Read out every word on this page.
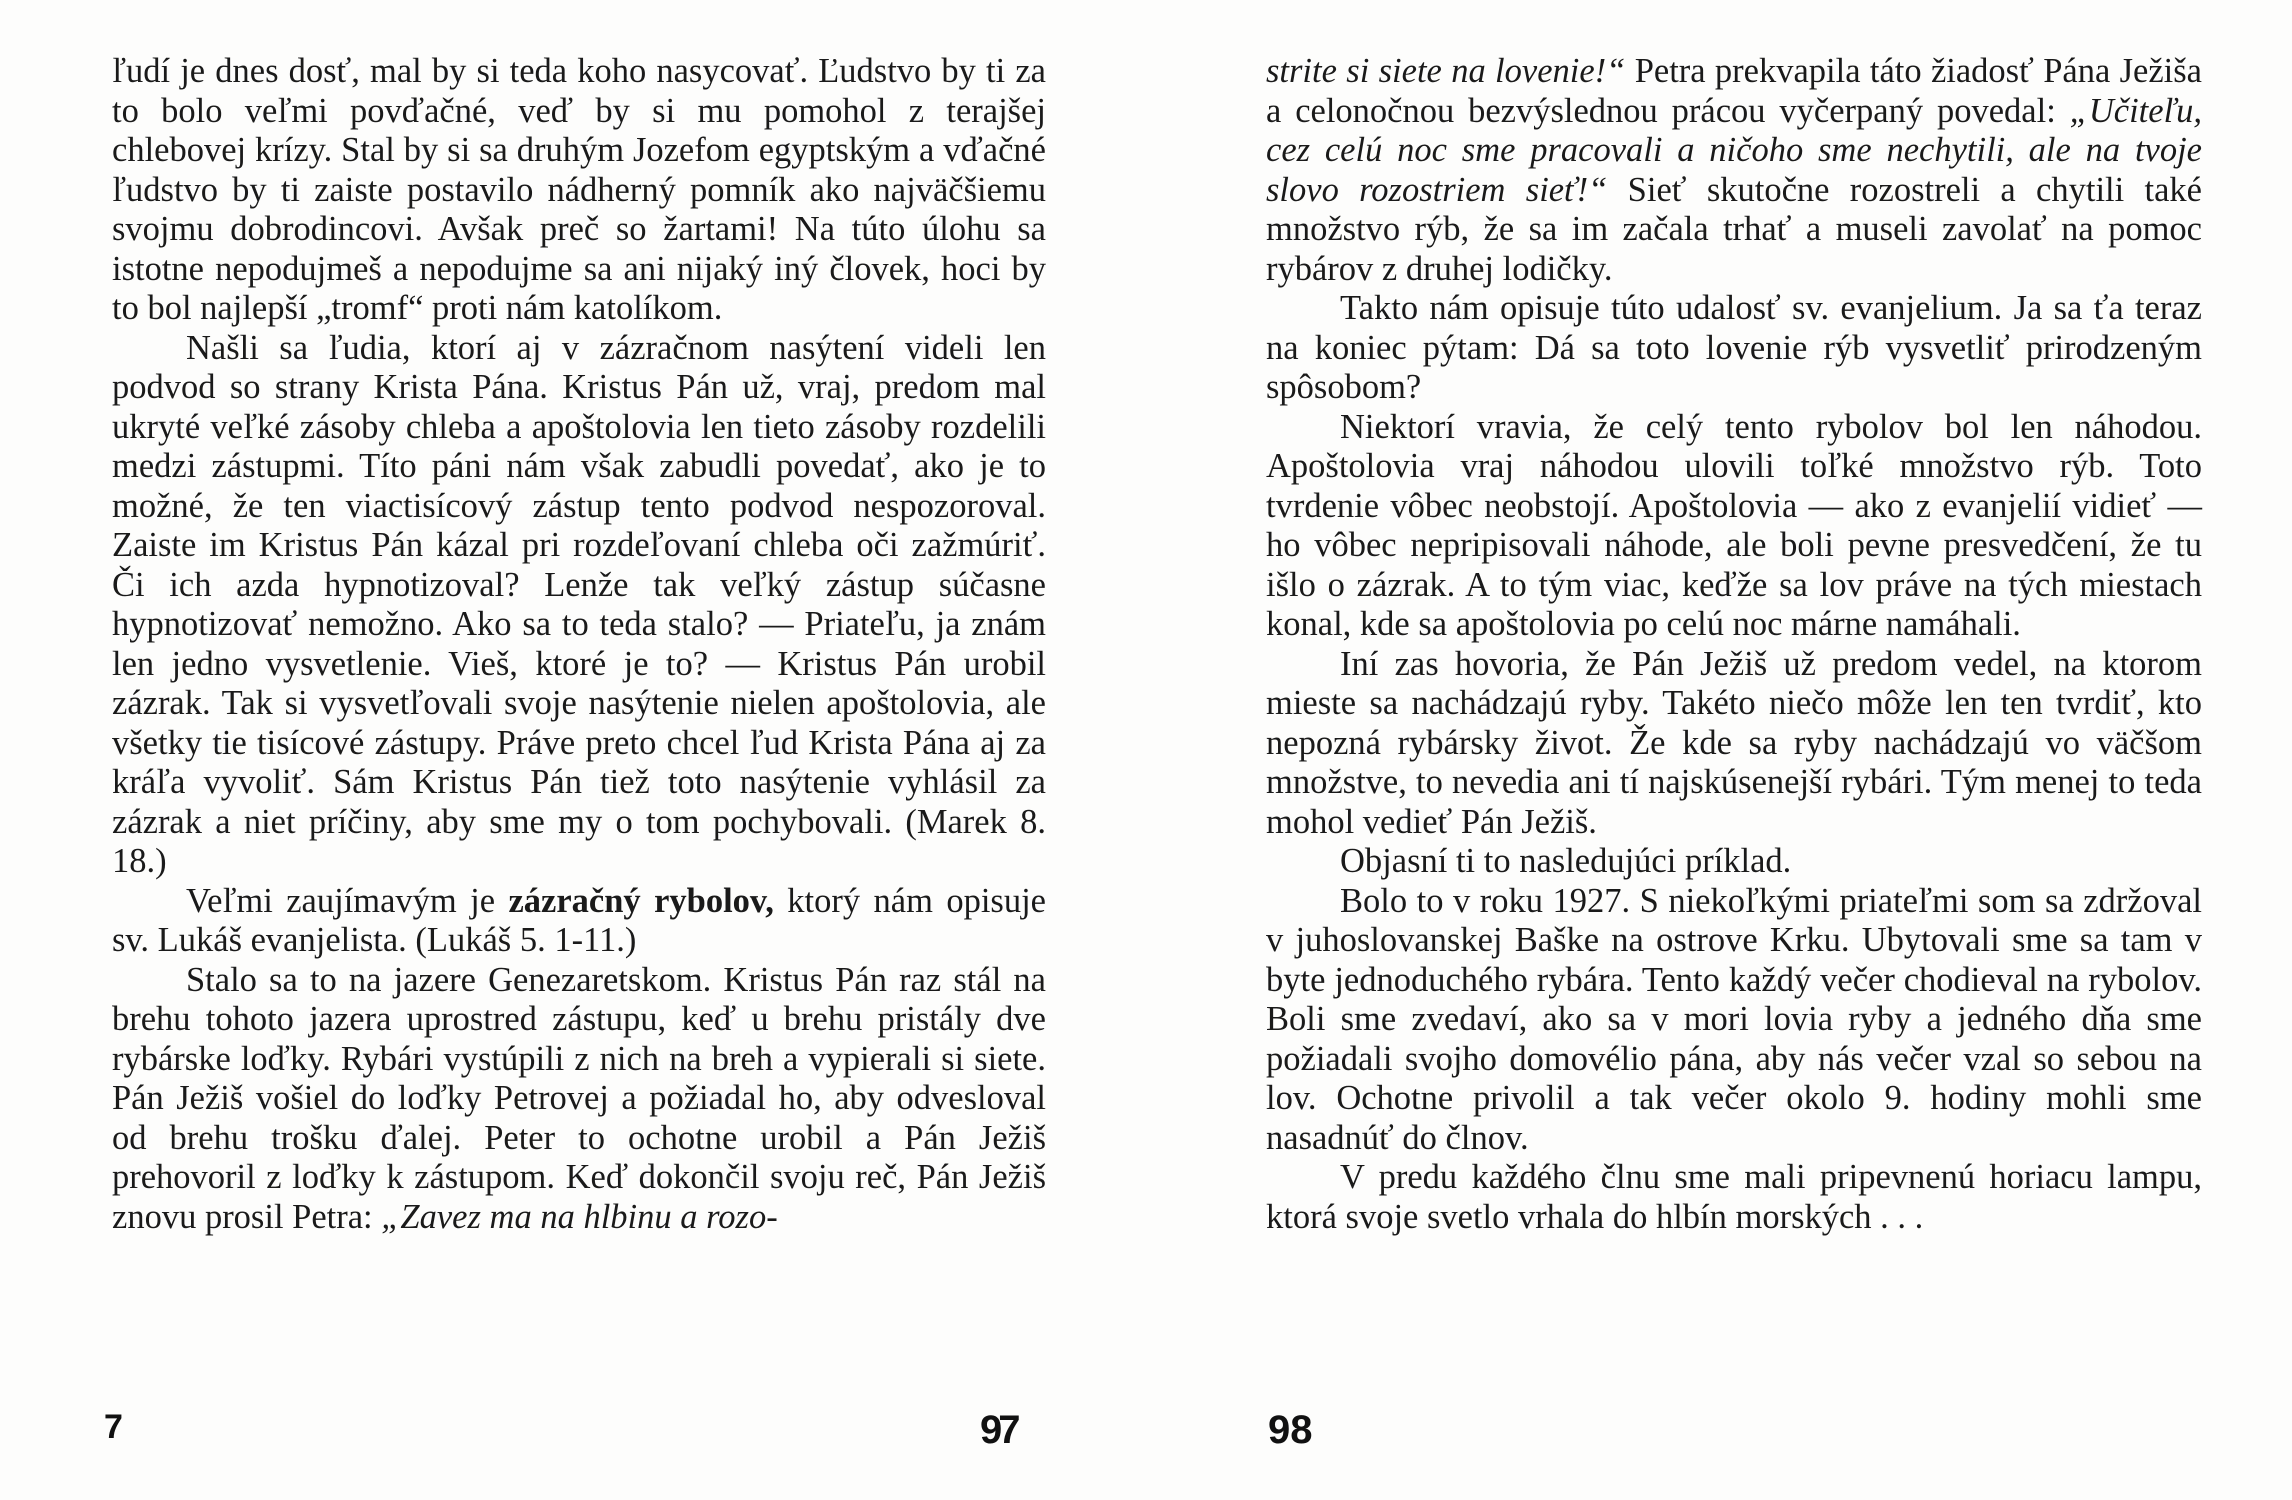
ľudí je dnes dosť, mal by si teda koho nasycovať. Ľudstvo by ti za to bolo veľmi povďačné, veď by si mu pomohol z terajšej chlebovej krízy. Stal by si sa druhým Jozefom egyptským a vďačné ľudstvo by ti zaiste postavilo nádherný pomník ako najväčšiemu svojmu dobrodincovi. Avšak preč so žartami! Na túto úlohu sa istotne nepodujmeš a nepodujme sa ani nijaký iný človek, hoci by to bol najlepší „tromf“ proti nám katolíkom.

Našli sa ľudia, ktorí aj v zázračnom nasýtení videli len podvod so strany Krista Pána. Kristus Pán už, vraj, predom mal ukryté veľké zásoby chleba a apoštolovia len tieto zásoby rozdelili medzi zástupmi. Títo páni nám však zabudli povedať, ako je to možné, že ten viactisícový zástup tento podvod nespozoroval. Zaiste im Kristus Pán kázal pri rozdeľovaní chleba oči zažmúriť. Či ich azda hypnotizoval? Lenže tak veľký zástup súčasne hypnotizovať nemožno. Ako sa to teda stalo? — Priateľu, ja znám len jedno vysvetlenie. Vieš, ktoré je to? — Kristus Pán urobil zázrak. Tak si vysvetľovali svoje nasýtenie nielen apoštolovia, ale všetky tie tisícové zástupy. Práve preto chcel ľud Krista Pána aj za kráľa vyvoliť. Sám Kristus Pán tiež toto nasýtenie vyhlásil za zázrak a niet príčiny, aby sme my o tom pochybovali. (Marek 8. 18.)

Veľmi zaujímavým je zázračný rybolov, ktorý nám opisuje sv. Lukáš evanjelista. (Lukáš 5. 1-11.)

Stalo sa to na jazere Genezaretskom. Kristus Pán raz stál na brehu tohoto jazera uprostred zástupu, keď u brehu pristály dve rybárske loďky. Rybári vystúpili z nich na breh a vypierali si siete. Pán Ježiš vošiel do loďky Petrovej a požiadal ho, aby odvesloval od brehu trošku ďalej. Peter to ochotne urobil a Pán Ježiš prehovoril z loďky k zástupom. Keď dokončil svoju reč, Pán Ježiš znovu prosil Petra: „Zavez ma na hlbinu a rozo-

7	97

strite si siete na lovenie!“ Petra prekvapila táto žiadosť Pána Ježiša a celonočnou bezvýslednou prácou vyčerpaný povedal: „Učiteľu, cez celú noc sme pracovali a ničoho sme nechytili, ale na tvoje slovo rozostriem sieť!“ Sieť skutočne rozostreli a chytili také množstvo rýb, že sa im začala trhať a museli zavolať na pomoc rybárov z druhej lodičky.

Takto nám opisuje túto udalosť sv. evanjelium. Ja sa ťa teraz na koniec pýtam: Dá sa toto lovenie rýb vysvetliť prirodzeným spôsobom?

Niektorí vravia, že celý tento rybolov bol len náhodou. Apoštolovia vraj náhodou ulovili toľké množstvo rýb. Toto tvrdenie vôbec neobstojí. Apoštolovia — ako z evanjelií vidieť — ho vôbec nepripisovali náhode, ale boli pevne presvedčení, že tu išlo o zázrak. A to tým viac, keďže sa lov práve na tých miestach konal, kde sa apoštolovia po celú noc márne namáhali.

Iní zas hovoria, že Pán Ježiš už predom vedel, na ktorom mieste sa nachádzajú ryby. Takéto niečo môže len ten tvrdiť, kto nepozná rybársky život. Že kde sa ryby nachádzajú vo väčšom množstve, to nevedia ani tí najskúsenejší rybári. Tým menej to teda mohol vedieť Pán Ježiš.

Objasní ti to nasledujúci príklad.

Bolo to v roku 1927. S niekoľkými priateľmi som sa zdržoval v juhoslovanskej Baške na ostrove Krku. Ubytovali sme sa tam v byte jednoduchého rybára. Tento každý večer chodieval na rybolov. Boli sme zvedaví, ako sa v mori lovia ryby a jedného dňa sme požiadali svojho domovélio pána, aby nás večer vzal so sebou na lov. Ochotne privolil a tak večer okolo 9. hodiny mohli sme nasadnúť do člnov.

V predu každého člnu sme mali pripevnenú horiacu lampu, ktorá svoje svetlo vrhala do hlbín morských . . .

98
